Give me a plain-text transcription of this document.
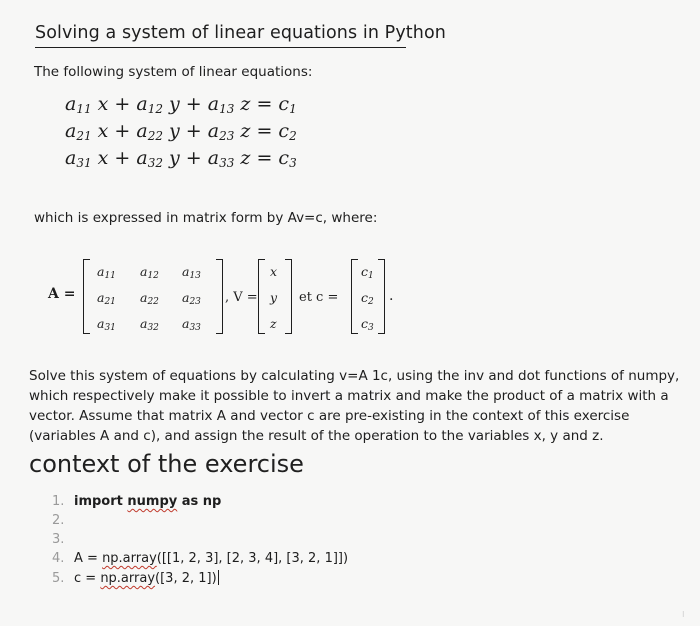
Solving a system of linear equations in Python
The following system of linear equations:
$a_{11}$ $x + a_{12}$ $y + a_{13}$ $z = c_1$
$a_{21}$ $x + a_{22}$ $y + a_{23}$ $z = c_2$
$a_{31}$ $x + a_{32}$ $y + a_{33}$ $z = c_3$
which is expressed in matrix form by Av=c, where:
A =	, V =	et c =	.
$a_{11}$ $a_{12}$ $a_{13}$
$a_{21}$ $a_{22}$ $a_{23}$
$a_{31}$ $a_{32}$ $a_{33}$
x
y
z
$c_1$
$c_2$
$c_3$
Solve this system of equations by calculating v=A 1c, using the inv and dot functions of numpy, which respectively make it possible to invert a matrix and make the product of a matrix with a vector. Assume that matrix A and vector c are pre-existing in the context of this exercise (variables A and c), and assign the result of the operation to the variables x, y and z.
context of the exercise
1. import numpy as np
2.
3.
4. A = np.array([[1, 2, 3], [2, 3, 4], [3, 2, 1]])
5. c = np.array([3, 2, 1])
⁝
